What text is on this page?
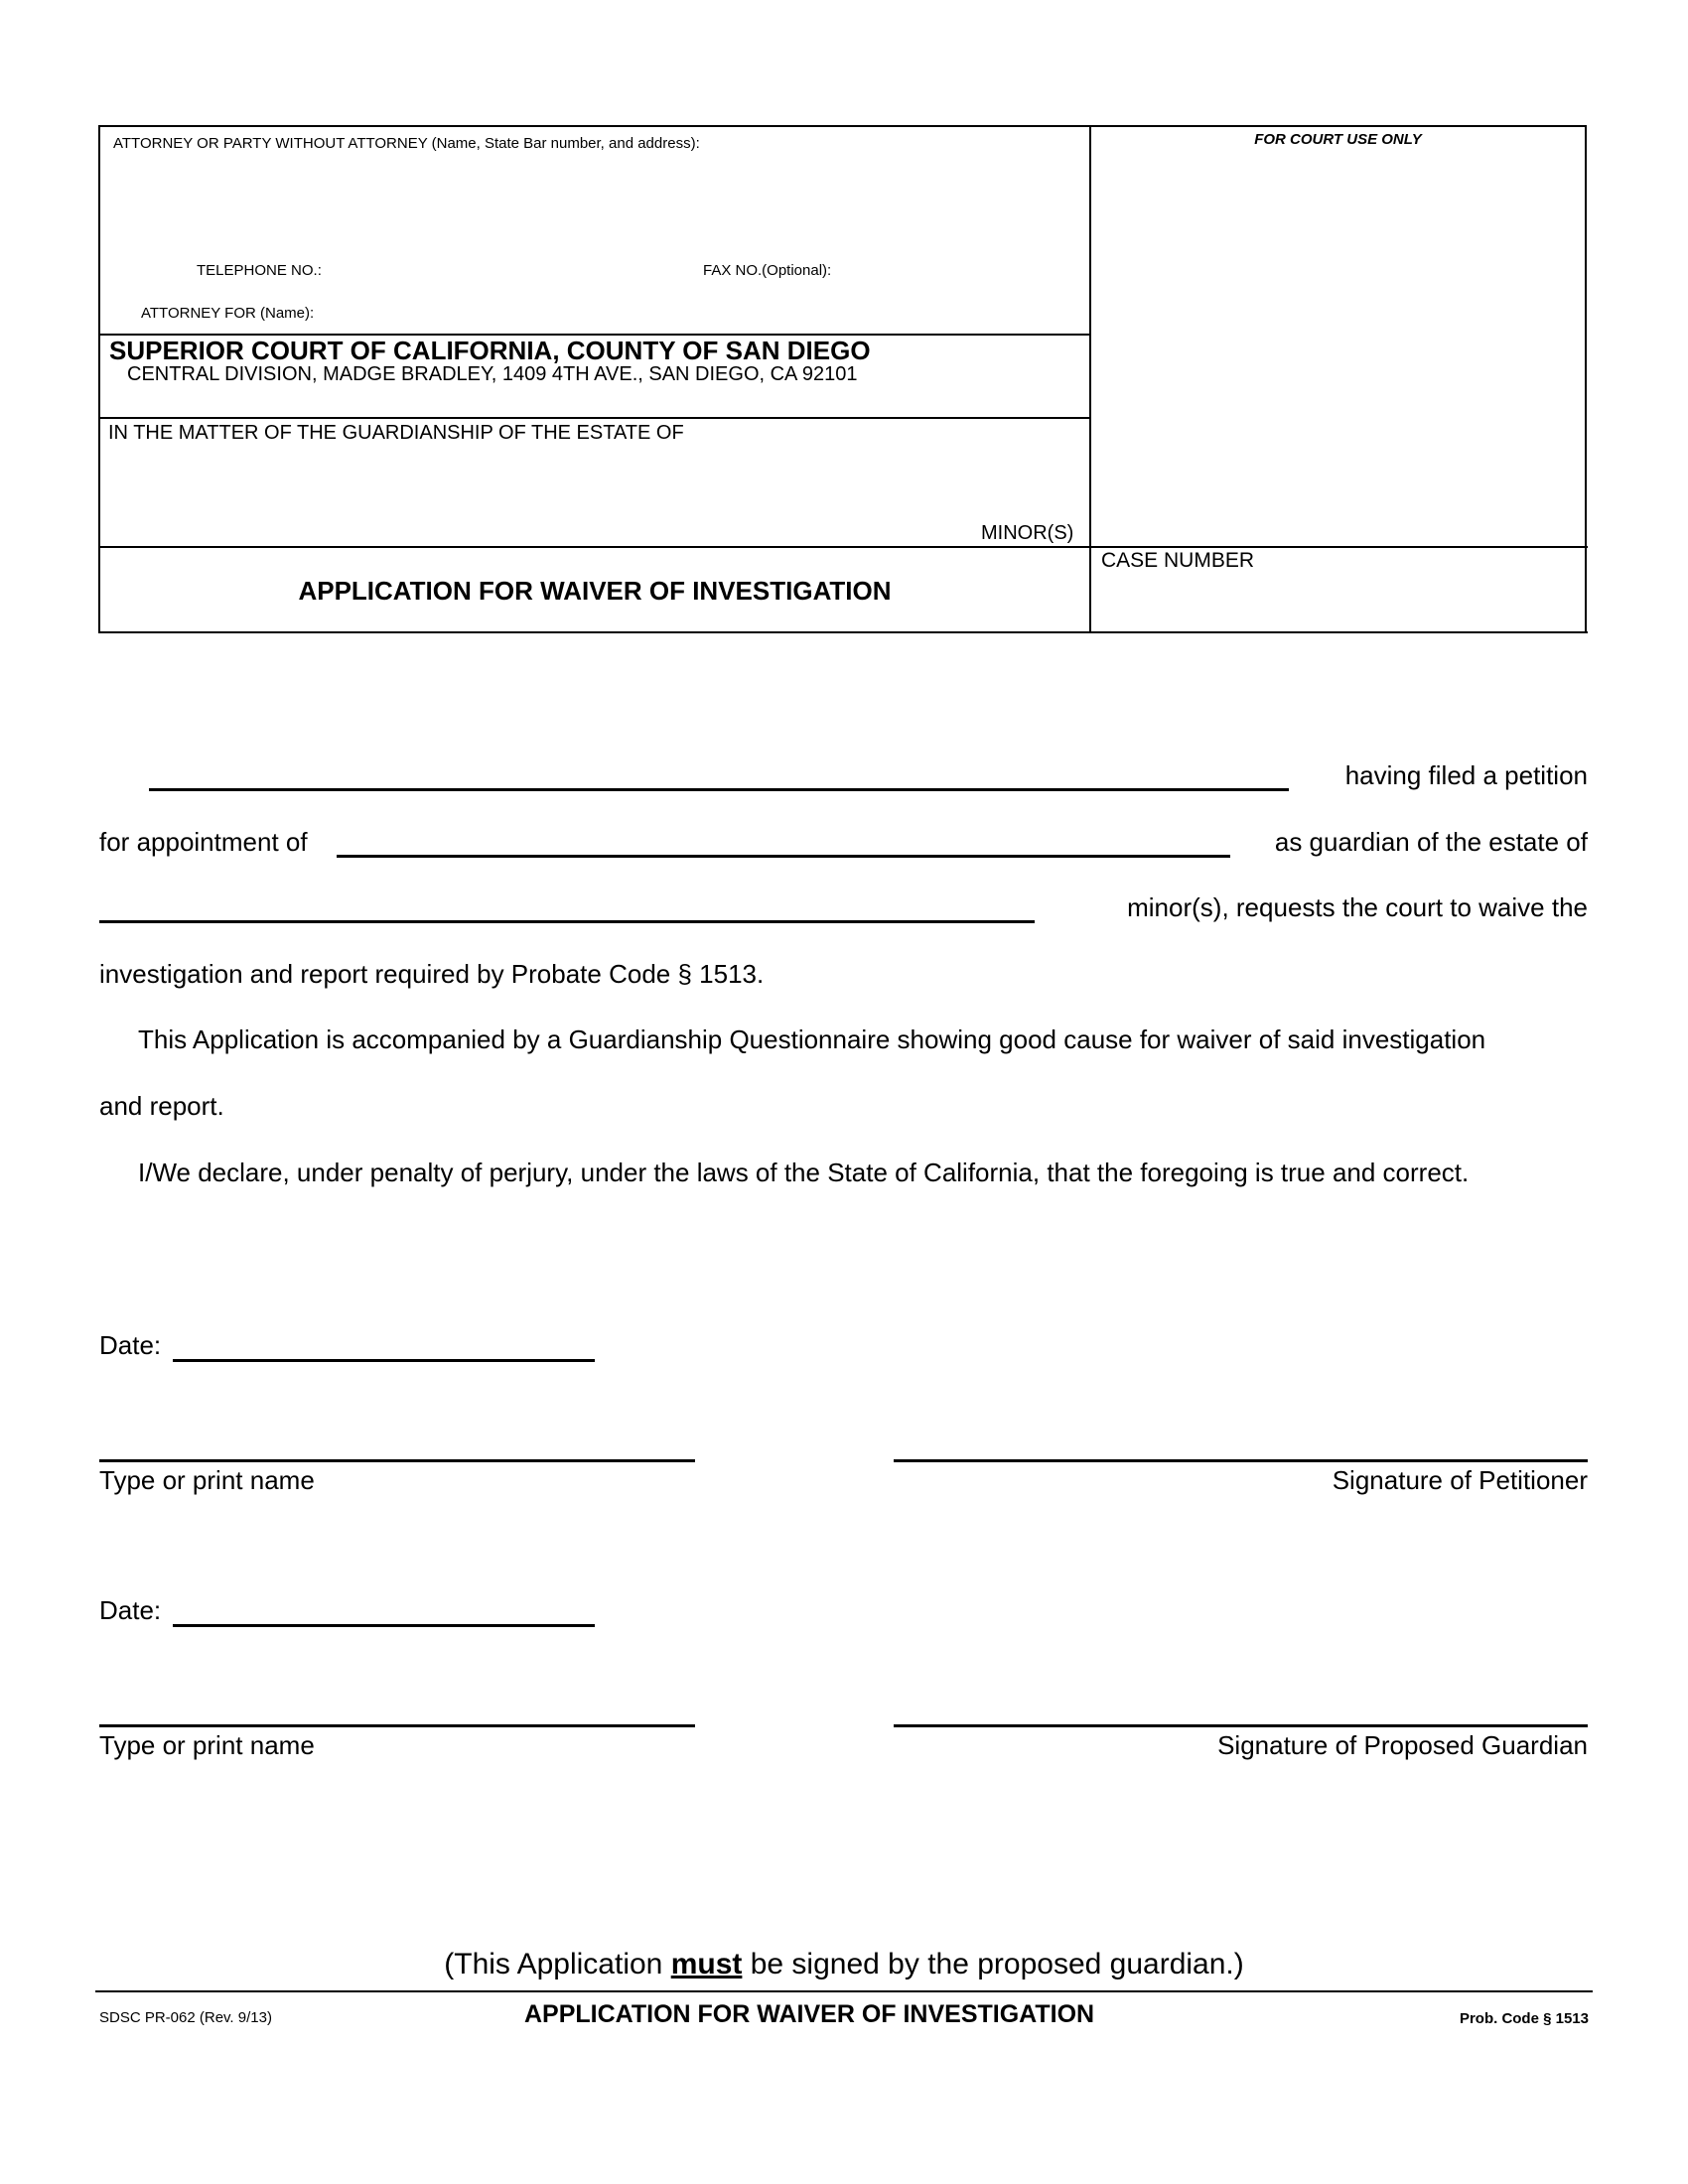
ATTORNEY OR PARTY WITHOUT ATTORNEY (Name, State Bar number, and address):
TELEPHONE NO.:	FAX NO.(Optional):
ATTORNEY FOR (Name):
FOR COURT USE ONLY
SUPERIOR COURT OF CALIFORNIA, COUNTY OF SAN DIEGO
CENTRAL DIVISION, MADGE BRADLEY, 1409 4TH AVE., SAN DIEGO, CA 92101
IN THE MATTER OF THE GUARDIANSHIP OF THE ESTATE OF
MINOR(S)
APPLICATION FOR WAIVER OF INVESTIGATION
CASE NUMBER
having filed a petition
for appointment of	as guardian of the estate of
minor(s), requests the court to waive the
investigation and report required by Probate Code § 1513.
This Application is accompanied by a Guardianship Questionnaire showing good cause for waiver of said investigation
and report.
I/We declare, under penalty of perjury, under the laws of the State of California, that the foregoing is true and correct.
Date:
Type or print name	Signature of Petitioner
Date:
Type or print name	Signature of Proposed Guardian
(This Application must be signed by the proposed guardian.)
SDSC PR-062 (Rev. 9/13)	APPLICATION FOR WAIVER OF INVESTIGATION	Prob. Code § 1513
